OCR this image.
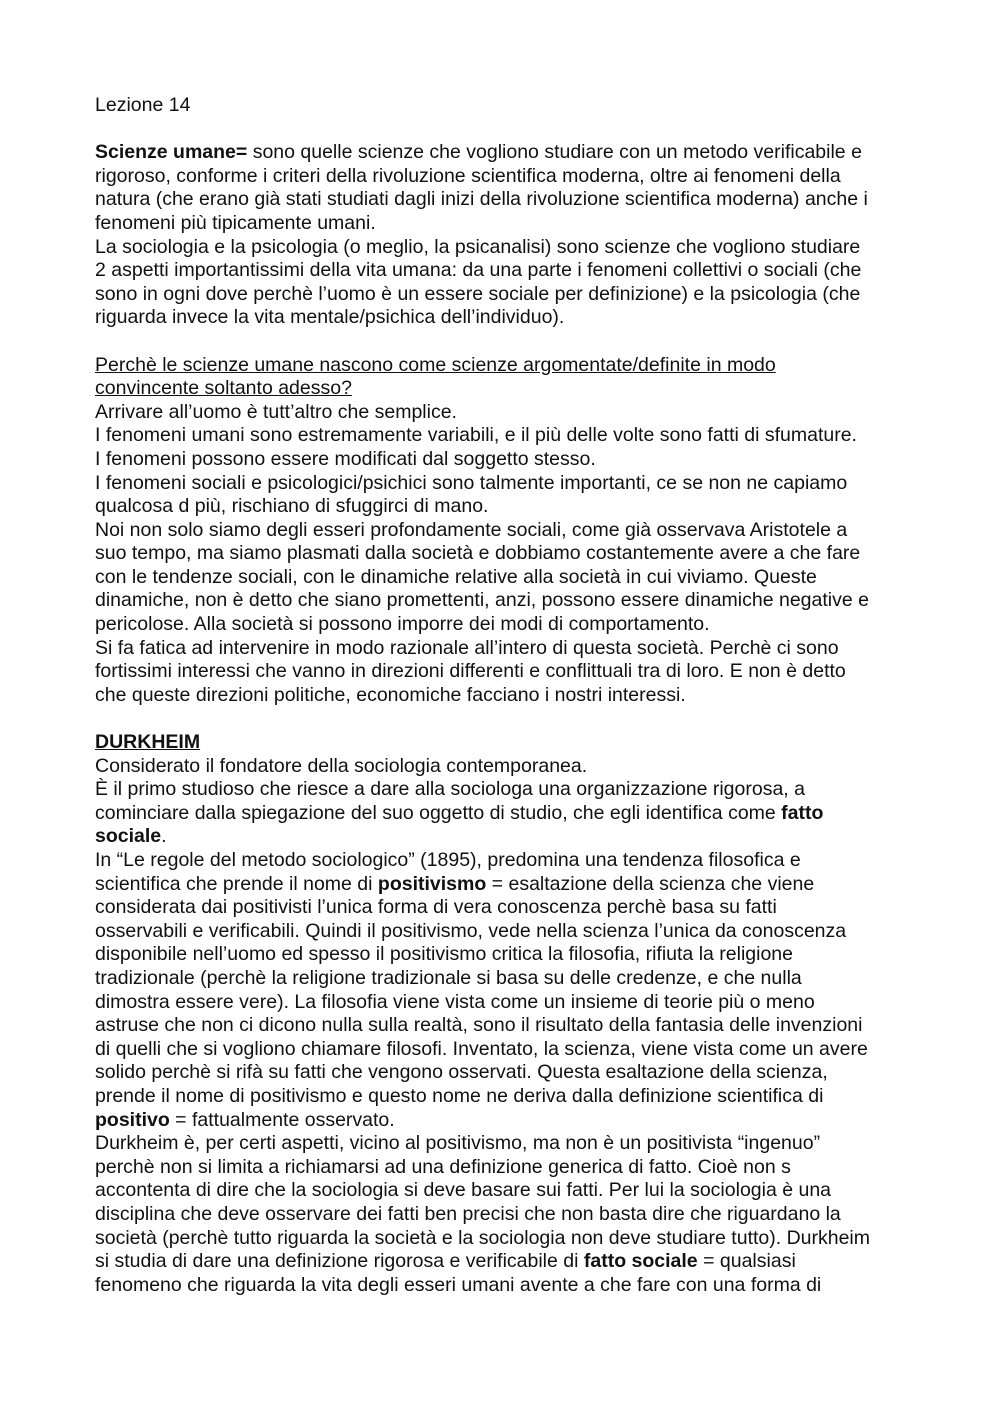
Lezione 14
Scienze umane= sono quelle scienze che vogliono studiare con un metodo verificabile e
rigoroso, conforme i criteri della rivoluzione scientifica moderna, oltre ai fenomeni della
natura (che erano già stati studiati dagli inizi della rivoluzione scientifica moderna) anche i
fenomeni più tipicamente umani.
La sociologia e la psicologia (o meglio, la psicanalisi) sono scienze che vogliono studiare
2 aspetti importantissimi della vita umana: da una parte i fenomeni collettivi o sociali (che
sono in ogni dove perchè l’uomo è un essere sociale per definizione) e la psicologia (che
riguarda invece la vita mentale/psichica dell’individuo).
Perchè le scienze umane nascono come scienze argomentate/definite in modo
convincente soltanto adesso?
Arrivare all’uomo è tutt’altro che semplice.
I fenomeni umani sono estremamente variabili, e il più delle volte sono fatti di sfumature.
I fenomeni possono essere modificati dal soggetto stesso.
I fenomeni sociali e psicologici/psichici sono talmente importanti, ce se non ne capiamo
qualcosa d più, rischiano di sfuggirci di mano.
Noi non solo siamo degli esseri profondamente sociali, come già osservava Aristotele a
suo tempo, ma siamo plasmati dalla società e dobbiamo costantemente avere a che fare
con le tendenze sociali, con le dinamiche relative alla società in cui viviamo. Queste
dinamiche, non è detto che siano promettenti, anzi, possono essere dinamiche negative e
pericolose. Alla società si possono imporre dei modi di comportamento.
Si fa fatica ad intervenire in modo razionale all’intero di questa società. Perchè ci sono
fortissimi interessi che vanno in direzioni differenti e conflittuali tra di loro. E non è detto
che queste direzioni politiche, economiche facciano i nostri interessi.
DURKHEIM
Considerato il fondatore della sociologia contemporanea.
È il primo studioso che riesce a dare alla sociologa una organizzazione rigorosa, a
cominciare dalla spiegazione del suo oggetto di studio, che egli identifica come fatto
sociale.
In “Le regole del metodo sociologico” (1895), predomina una tendenza filosofica e
scientifica che prende il nome di positivismo = esaltazione della scienza che viene
considerata dai positivisti l’unica forma di vera conoscenza perchè basa su fatti
osservabili e verificabili. Quindi il positivismo, vede nella scienza l’unica da conoscenza
disponibile nell’uomo ed spesso il positivismo critica la filosofia, rifiuta la religione
tradizionale (perchè la religione tradizionale si basa su delle credenze, e che nulla
dimostra essere vere). La filosofia viene vista come un insieme di teorie più o meno
astruse che non ci dicono nulla sulla realtà, sono il risultato della fantasia delle invenzioni
di quelli che si vogliono chiamare filosofi. Inventato, la scienza, viene vista come un avere
solido perchè si rifà su fatti che vengono osservati. Questa esaltazione della scienza,
prende il nome di positivismo e questo nome ne deriva dalla definizione scientifica di
positivo = fattualmente osservato.
Durkheim è, per certi aspetti, vicino al positivismo, ma non è un positivista “ingenuo”
perchè non si limita a richiamarsi ad una definizione generica di fatto. Cioè non s
accontenta di dire che la sociologia si deve basare sui fatti. Per lui la sociologia è una
disciplina che deve osservare dei fatti ben precisi che non basta dire che riguardano la
società (perchè tutto riguarda la società e la sociologia non deve studiare tutto). Durkheim
si studia di dare una definizione rigorosa e verificabile di fatto sociale = qualsiasi
fenomeno che riguarda la vita degli esseri umani avente a che fare con una forma di
